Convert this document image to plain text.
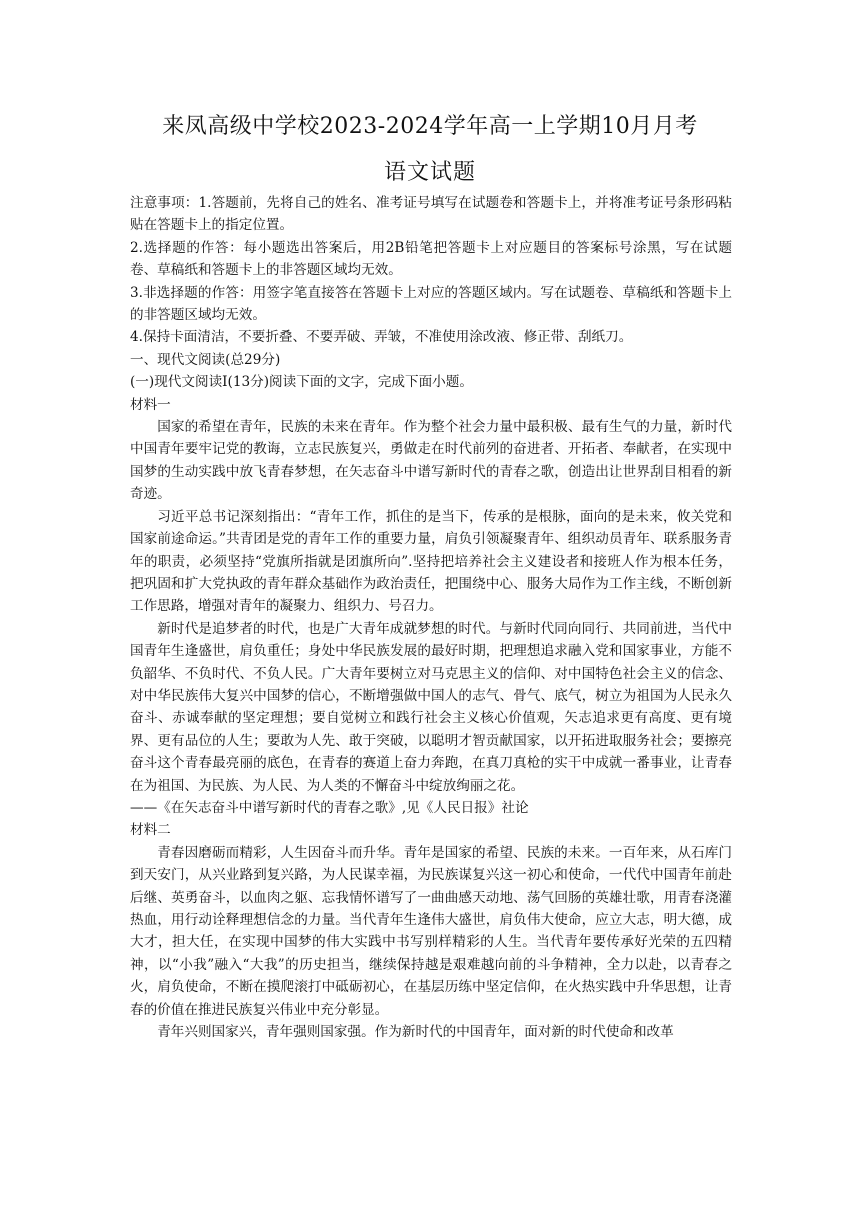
来凤高级中学校2023-2024学年高一上学期10月月考
语文试题

注意事项：1.答题前，先将自己的姓名、准考证号填写在试题卷和答题卡上，并将准考证号条形码粘贴在答题卡上的指定位置。

2.选择题的作答：每小题选出答案后，用2B铅笔把答题卡上对应题目的答案标号涂黑，写在试题卷、草稿纸和答题卡上的非答题区域均无效。

3.非选择题的作答：用签字笔直接答在答题卡上对应的答题区域内。写在试题卷、草稿纸和答题卡上的非答题区域均无效。

4.保持卡面清洁，不要折叠、不要弄破、弄皱，不准使用涂改液、修正带、刮纸刀。

一、现代文阅读(总29分)

(一)现代文阅读Ⅰ(13分)阅读下面的文字，完成下面小题。

材料一

国家的希望在青年，民族的未来在青年。作为整个社会力量中最积极、最有生气的力量，新时代中国青年要牢记党的教诲，立志民族复兴，勇做走在时代前列的奋进者、开拓者、奉献者，在实现中国梦的生动实践中放飞青春梦想，在矢志奋斗中谱写新时代的青春之歌，创造出让世界刮目相看的新奇迹。

习近平总书记深刻指出：“青年工作，抓住的是当下，传承的是根脉，面向的是未来，攸关党和国家前途命运。”共青团是党的青年工作的重要力量，肩负引领凝聚青年、组织动员青年、联系服务青年的职责，必须坚持“党旗所指就是团旗所向”.坚持把培养社会主义建设者和接班人作为根本任务，把巩固和扩大党执政的青年群众基础作为政治责任，把围绕中心、服务大局作为工作主线，不断创新工作思路，增强对青年的凝聚力、组织力、号召力。

新时代是追梦者的时代，也是广大青年成就梦想的时代。与新时代同向同行、共同前进，当代中国青年生逢盛世，肩负重任；身处中华民族发展的最好时期，把理想追求融入党和国家事业，方能不负韶华、不负时代、不负人民。广大青年要树立对马克思主义的信仰、对中国特色社会主义的信念、对中华民族伟大复兴中国梦的信心，不断增强做中国人的志气、骨气、底气，树立为祖国为人民永久奋斗、赤诚奉献的坚定理想；要自觉树立和践行社会主义核心价值观，矢志追求更有高度、更有境界、更有品位的人生；要敢为人先、敢于突破，以聪明才智贡献国家，以开拓进取服务社会；要擦亮奋斗这个青春最亮丽的底色，在青春的赛道上奋力奔跑，在真刀真枪的实干中成就一番事业，让青春在为祖国、为民族、为人民、为人类的不懈奋斗中绽放绚丽之花。

——《在矢志奋斗中谱写新时代的青春之歌》,见《人民日报》社论

材料二

青春因磨砺而精彩，人生因奋斗而升华。青年是国家的希望、民族的未来。一百年来，从石库门到天安门，从兴业路到复兴路，为人民谋幸福，为民族谋复兴这一初心和使命，一代代中国青年前赴后继、英勇奋斗，以血肉之躯、忘我情怀谱写了一曲曲感天动地、荡气回肠的英雄壮歌，用青春浇灌热血，用行动诠释理想信念的力量。当代青年生逢伟大盛世，肩负伟大使命，应立大志，明大德，成大才，担大任，在实现中国梦的伟大实践中书写别样精彩的人生。当代青年要传承好光荣的五四精神，以“小我”融入“大我”的历史担当，继续保持越是艰难越向前的斗争精神，全力以赴，以青春之火，肩负使命，不断在摸爬滚打中砥砺初心，在基层历练中坚定信仰，在火热实践中升华思想，让青春的价值在推进民族复兴伟业中充分彰显。

青年兴则国家兴，青年强则国家强。作为新时代的中国青年，面对新的时代使命和改革
